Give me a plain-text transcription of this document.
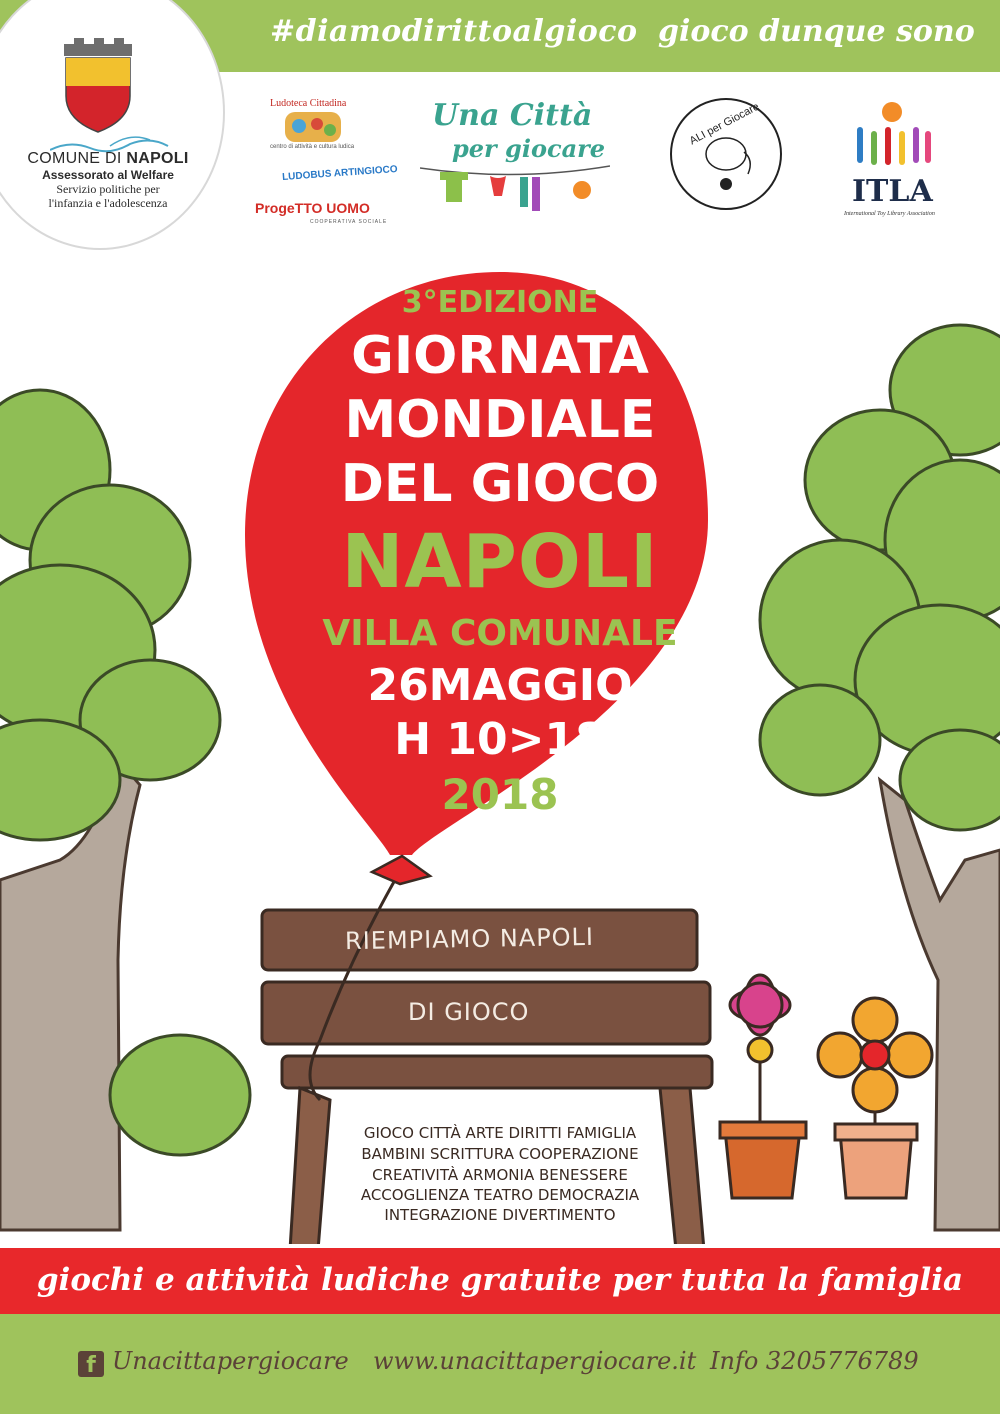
#diamodirittoalgioco gioco dunque sono
COMUNE DI NAPOLI
Assessorato al Welfare
Servizio politiche per
l'infanzia e l'adolescenza
Ludoteca Cittadina
centro di attività e cultura ludica
LUDOBUS ARTINGIOCO
ProgeTTO UOMO
COOPERATIVA SOCIALE
Una Città
per giocare
ALI per Giocare
ITLA
International Toy Library Association
3°EDIZIONE
GIORNATA
MONDIALE
DEL GIOCO
NAPOLI
VILLA COMUNALE
26MAGGIO
H 10>18
2018
RIEMPIAMO NAPOLI
DI GIOCO
GIOCO CITTÀ ARTE DIRITTI FAMIGLIA
BAMBINI SCRITTURA COOPERAZIONE
CREATIVITÀ ARMONIA BENESSERE
ACCOGLIENZA TEATRO DEMOCRAZIA
INTEGRAZIONE DIVERTIMENTO
giochi e attività ludiche gratuite per tutta la famiglia
f Unacittapergiocare www.unacittapergiocare.it Info 3205776789
